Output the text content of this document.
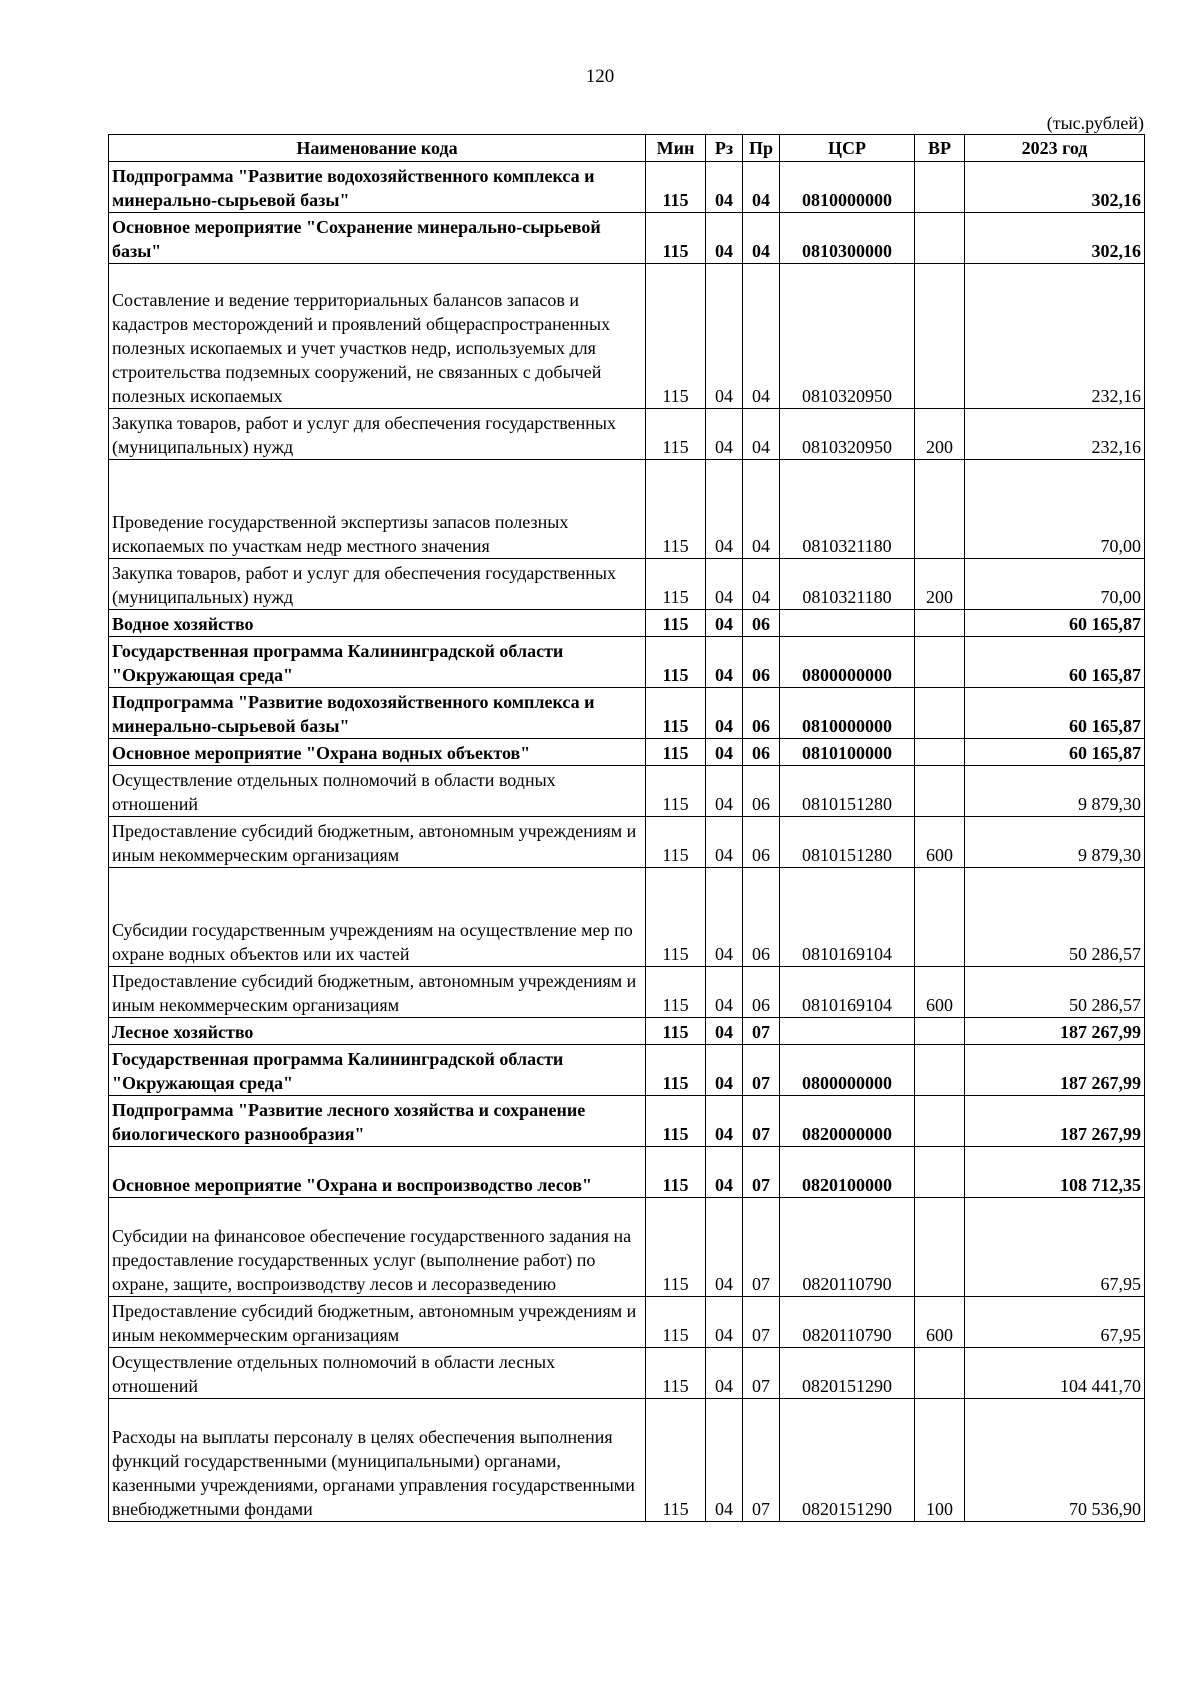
120
(тыс.рублей)
Наименование кода	Мин	Рз	Пр	ЦСР	ВР	2023 год
Подпрограмма "Развитие водохозяйственного комплекса и минерально-сырьевой базы"	115	04	04	0810000000		302,16
Основное мероприятие "Сохранение минерально-сырьевой базы"	115	04	04	0810300000		302,16
Составление и ведение территориальных балансов запасов и кадастров месторождений и проявлений общераспространенных полезных ископаемых и учет участков недр, используемых для строительства подземных сооружений, не связанных с добычей полезных ископаемых	115	04	04	0810320950		232,16
Закупка товаров, работ и услуг для обеспечения государственных (муниципальных) нужд	115	04	04	0810320950	200	232,16
Проведение государственной экспертизы запасов полезных ископаемых по участкам недр местного значения	115	04	04	0810321180		70,00
Закупка товаров, работ и услуг для обеспечения государственных (муниципальных) нужд	115	04	04	0810321180	200	70,00
Водное хозяйство	115	04	06			60 165,87
Государственная программа Калининградской области "Окружающая среда"	115	04	06	0800000000		60 165,87
Подпрограмма "Развитие водохозяйственного комплекса и минерально-сырьевой базы"	115	04	06	0810000000		60 165,87
Основное мероприятие "Охрана водных объектов"	115	04	06	0810100000		60 165,87
Осуществление отдельных полномочий в области водных отношений	115	04	06	0810151280		9 879,30
Предоставление субсидий бюджетным, автономным учреждениям и иным некоммерческим организациям	115	04	06	0810151280	600	9 879,30
Субсидии государственным учреждениям на осуществление мер по охране водных объектов или их частей	115	04	06	0810169104		50 286,57
Предоставление субсидий бюджетным, автономным учреждениям и иным некоммерческим организациям	115	04	06	0810169104	600	50 286,57
Лесное хозяйство	115	04	07			187 267,99
Государственная программа Калининградской области "Окружающая среда"	115	04	07	0800000000		187 267,99
Подпрограмма "Развитие лесного хозяйства и сохранение биологического разнообразия"	115	04	07	0820000000		187 267,99
Основное мероприятие "Охрана и воспроизводство лесов"	115	04	07	0820100000		108 712,35
Субсидии на финансовое обеспечение государственного задания на предоставление государственных услуг (выполнение работ) по охране, защите, воспроизводству лесов и лесоразведению	115	04	07	0820110790		67,95
Предоставление субсидий бюджетным, автономным учреждениям и иным некоммерческим организациям	115	04	07	0820110790	600	67,95
Осуществление отдельных полномочий в области лесных отношений	115	04	07	0820151290		104 441,70
Расходы на выплаты персоналу в целях обеспечения выполнения функций государственными (муниципальными) органами, казенными учреждениями, органами управления государственными внебюджетными фондами	115	04	07	0820151290	100	70 536,90
